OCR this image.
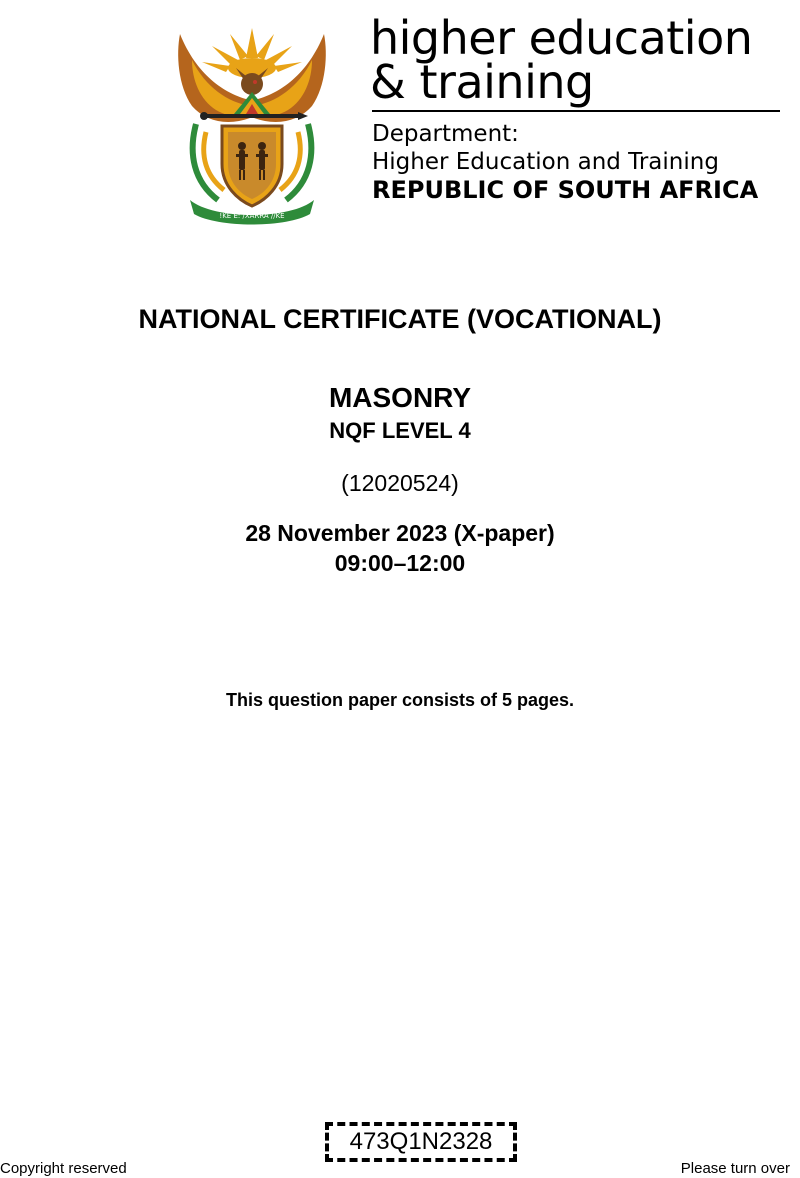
!KE E: /XARRA //KE
higher education
& training
Department:
Higher Education and Training
REPUBLIC OF SOUTH AFRICA
NATIONAL CERTIFICATE (VOCATIONAL)
MASONRY
NQF LEVEL 4
(12020524)
28 November 2023 (X-paper)
09:00–12:00
This question paper consists of 5 pages.
473Q1N2328
Copyright reserved	Please turn over
